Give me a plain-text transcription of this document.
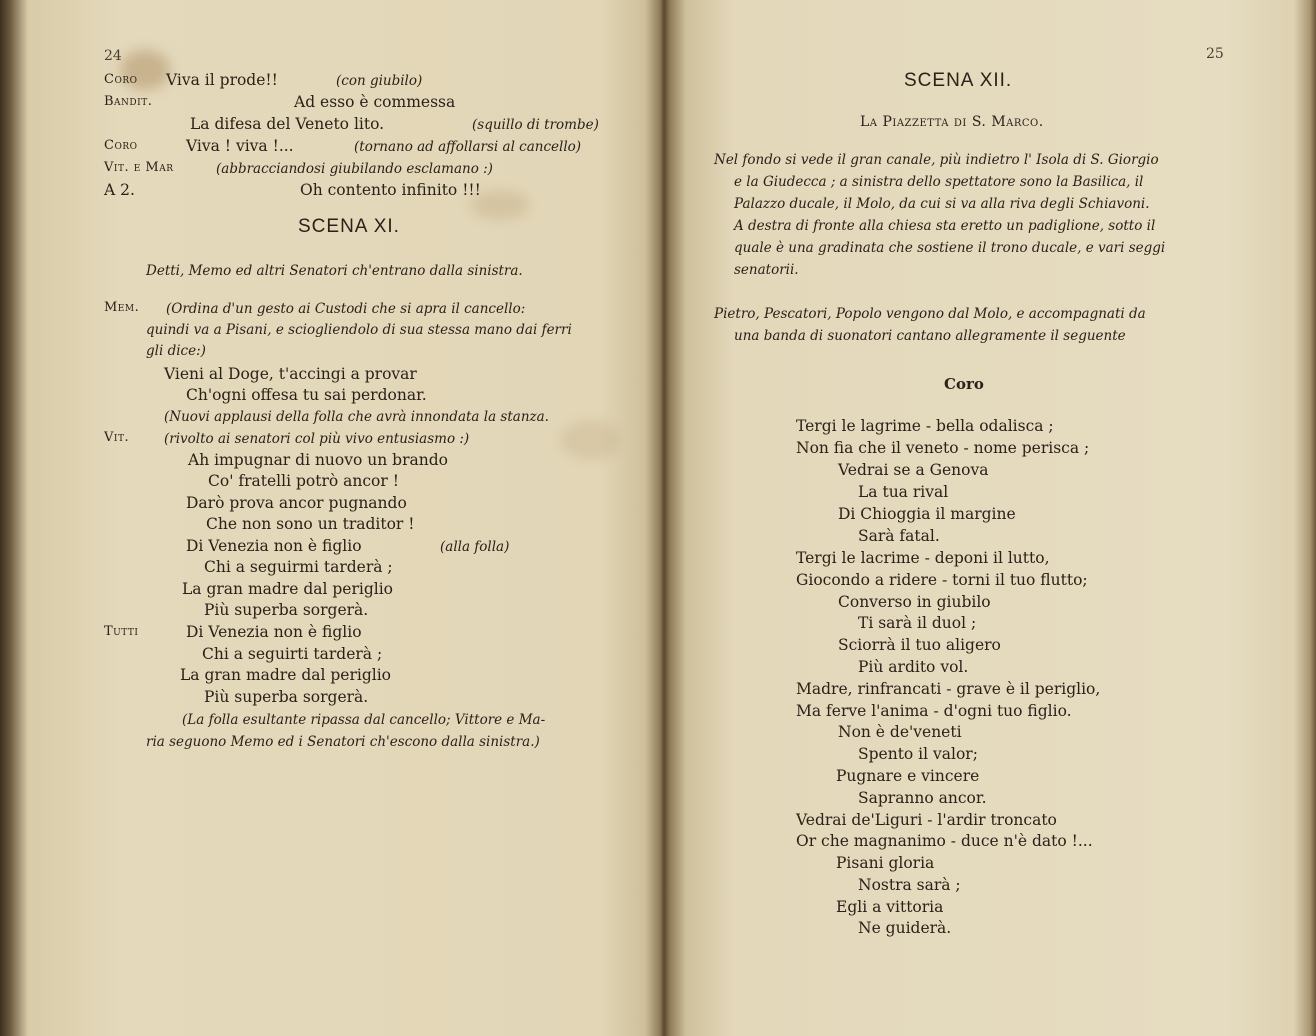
24
Coro Viva il prode!!	(con giubilo)
Bandit.	Ad esso è commessa
La difesa del Veneto lito.	(squillo di trombe)
Coro	Viva ! viva !...	(tornano ad affollarsi al cancello)
Vit. e Mar	(abbracciandosi giubilando esclamano :)
A 2.	Oh contento infinito !!!
SCENA XI.
Detti, Memo ed altri Senatori ch'entrano dalla sinistra.
Mem. (Ordina d'un gesto ai Custodi che si apra il cancello:
quindi va a Pisani, e sciogliendolo di sua stessa mano dai ferri
gli dice:)
Vieni al Doge, t'accingi a provar
Ch'ogni offesa tu sai perdonar.
(Nuovi applausi della folla che avrà innondata la stanza.
Vit.	(rivolto ai senatori col più vivo entusiasmo :)
Ah impugnar di nuovo un brando
Co' fratelli potrò ancor !
Darò prova ancor pugnando
Che non sono un traditor !
Di Venezia non è figlio	(alla folla)
Chi a seguirmi tarderà ;
La gran madre dal periglio
Più superba sorgerà.
Tutti	Di Venezia non è figlio
Chi a seguirti tarderà ;
La gran madre dal periglio
Più superba sorgerà.
(La folla esultante ripassa dal cancello; Vittore e Ma-
ria seguono Memo ed i Senatori ch'escono dalla sinistra.)
25
SCENA XII.
La Piazzetta di S. Marco.
Nel fondo si vede il gran canale, più indietro l' Isola di S. Giorgio
e la Giudecca ; a sinistra dello spettatore sono la Basilica, il
Palazzo ducale, il Molo, da cui si va alla riva degli Schiavoni.
A destra di fronte alla chiesa sta eretto un padiglione, sotto il
quale è una gradinata che sostiene il trono ducale, e vari seggi
senatorii.
Pietro, Pescatori, Popolo vengono dal Molo, e accompagnati da
una banda di suonatori cantano allegramente il seguente
Coro
Tergi le lagrime - bella odalisca ;
Non fia che il veneto - nome perisca ;
Vedrai se a Genova
La tua rival
Di Chioggia il margine
Sarà fatal.
Tergi le lacrime - deponi il lutto,
Giocondo a ridere - torni il tuo flutto;
Converso in giubilo
Ti sarà il duol ;
Sciorrà il tuo aligero
Più ardito vol.
Madre, rinfrancati - grave è il periglio,
Ma ferve l'anima - d'ogni tuo figlio.
Non è de'veneti
Spento il valor;
Pugnare e vincere
Sapranno ancor.
Vedrai de'Liguri - l'ardir troncato
Or che magnanimo - duce n'è dato !...
Pisani gloria
Nostra sarà ;
Egli a vittoria
Ne guiderà.
